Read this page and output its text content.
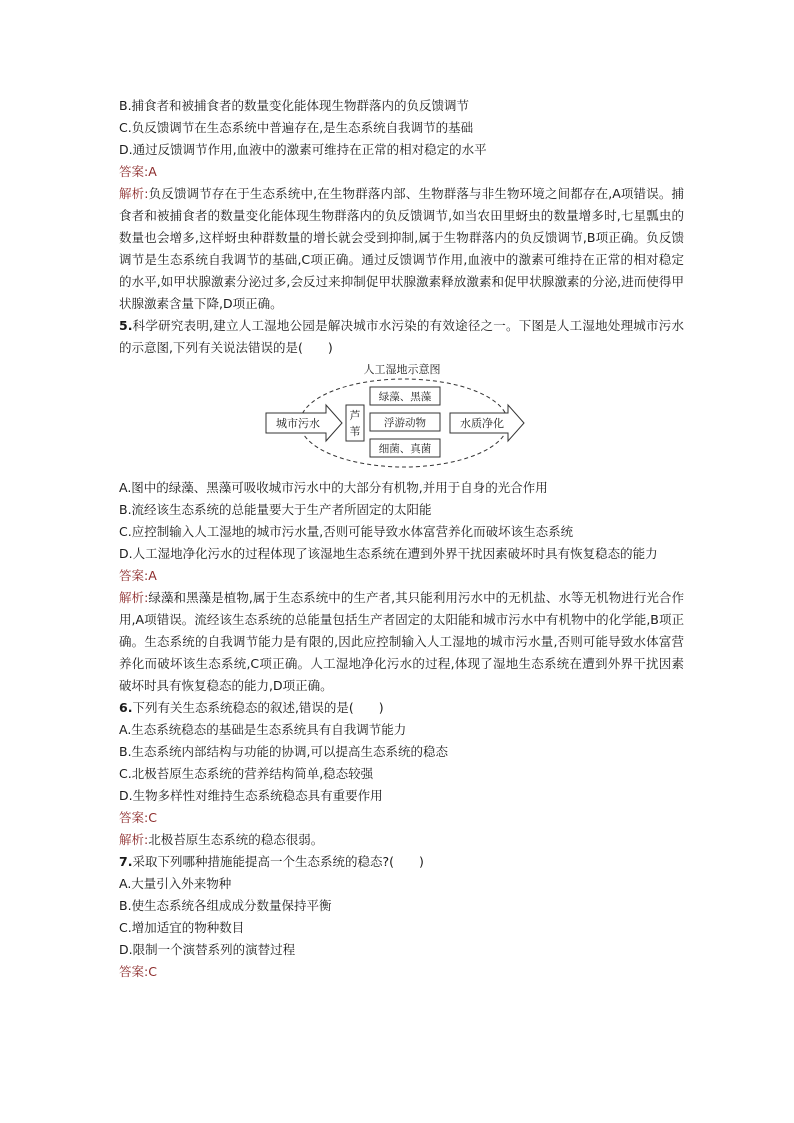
B.捕食者和被捕食者的数量变化能体现生物群落内的负反馈调节
C.负反馈调节在生态系统中普遍存在,是生态系统自我调节的基础
D.通过反馈调节作用,血液中的激素可维持在正常的相对稳定的水平
答案:A
解析:负反馈调节存在于生态系统中,在生物群落内部、生物群落与非生物环境之间都存在,A项错误。捕食者和被捕食者的数量变化能体现生物群落内的负反馈调节,如当农田里蚜虫的数量增多时,七星瓢虫的数量也会增多,这样蚜虫种群数量的增长就会受到抑制,属于生物群落内的负反馈调节,B项正确。负反馈调节是生态系统自我调节的基础,C项正确。通过反馈调节作用,血液中的激素可维持在正常的相对稳定的水平,如甲状腺激素分泌过多,会反过来抑制促甲状腺激素释放激素和促甲状腺激素的分泌,进而使得甲状腺激素含量下降,D项正确。
5.科学研究表明,建立人工湿地公园是解决城市水污染的有效途径之一。下图是人工湿地处理城市污水的示意图,下列有关说法错误的是(　　)
人工湿地示意图
城市污水
芦
苇
绿藻、黑藻
浮游动物
细菌、真菌
水质净化
A.图中的绿藻、黑藻可吸收城市污水中的大部分有机物,并用于自身的光合作用
B.流经该生态系统的总能量要大于生产者所固定的太阳能
C.应控制输入人工湿地的城市污水量,否则可能导致水体富营养化而破坏该生态系统
D.人工湿地净化污水的过程体现了该湿地生态系统在遭到外界干扰因素破坏时具有恢复稳态的能力
答案:A
解析:绿藻和黑藻是植物,属于生态系统中的生产者,其只能利用污水中的无机盐、水等无机物进行光合作用,A项错误。流经该生态系统的总能量包括生产者固定的太阳能和城市污水中有机物中的化学能,B项正确。生态系统的自我调节能力是有限的,因此应控制输入人工湿地的城市污水量,否则可能导致水体富营养化而破坏该生态系统,C项正确。人工湿地净化污水的过程,体现了湿地生态系统在遭到外界干扰因素破坏时具有恢复稳态的能力,D项正确。
6.下列有关生态系统稳态的叙述,错误的是(　　)
A.生态系统稳态的基础是生态系统具有自我调节能力
B.生态系统内部结构与功能的协调,可以提高生态系统的稳态
C.北极苔原生态系统的营养结构简单,稳态较强
D.生物多样性对维持生态系统稳态具有重要作用
答案:C
解析:北极苔原生态系统的稳态很弱。
7.采取下列哪种措施能提高一个生态系统的稳态?(　　)
A.大量引入外来物种
B.使生态系统各组成成分数量保持平衡
C.增加适宜的物种数目
D.限制一个演替系列的演替过程
答案:C
